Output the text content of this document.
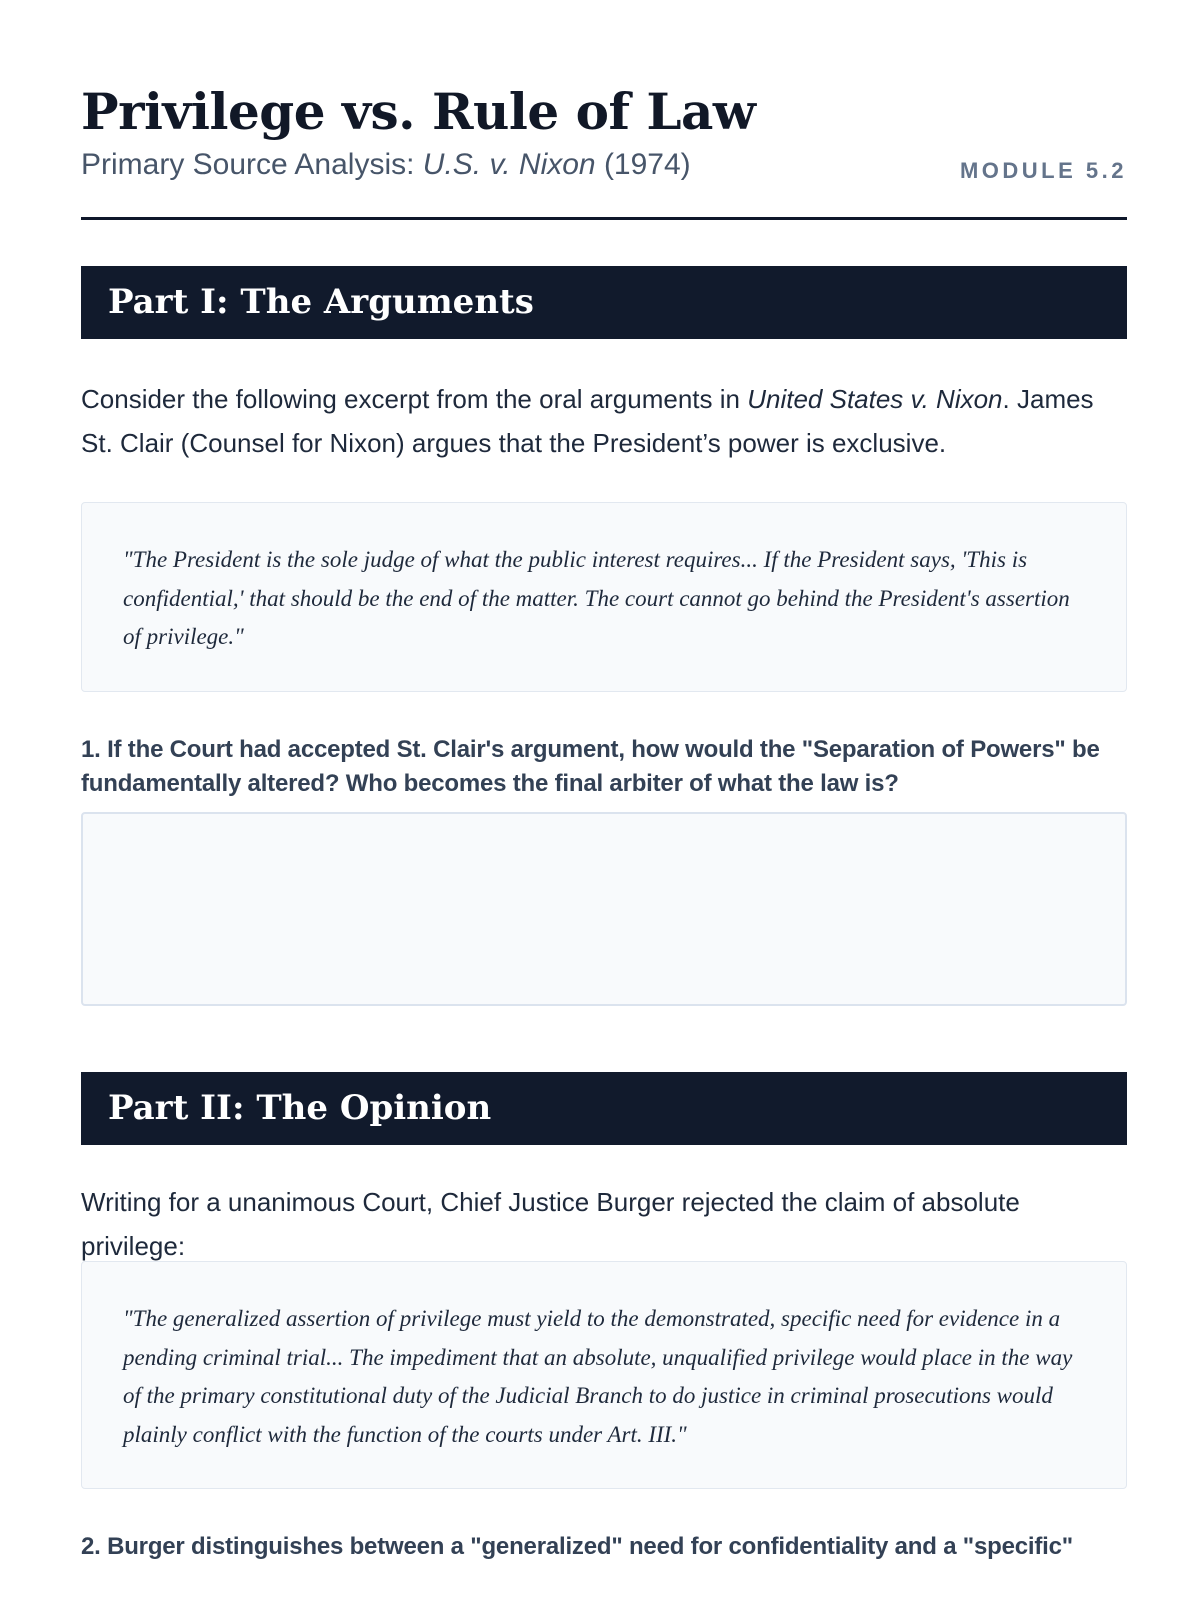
Privilege vs. Rule of Law
Primary Source Analysis: U.S. v. Nixon (1974)	MODULE 5.2
Part I: The Arguments

Consider the following excerpt from the oral arguments in United States v. Nixon. James St. Clair (Counsel for Nixon) argues that the President’s power is exclusive.

"The President is the sole judge of what the public interest requires... If the President says, 'This is confidential,' that should be the end of the matter. The court cannot go behind the President's assertion of privilege."

1. If the Court had accepted St. Clair's argument, how would the "Separation of Powers" be fundamentally altered? Who becomes the final arbiter of what the law is?

Part II: The Opinion

Writing for a unanimous Court, Chief Justice Burger rejected the claim of absolute privilege:

"The generalized assertion of privilege must yield to the demonstrated, specific need for evidence in a pending criminal trial... The impediment that an absolute, unqualified privilege would place in the way of the primary constitutional duty of the Judicial Branch to do justice in criminal prosecutions would plainly conflict with the function of the courts under Art. III."

2. Burger distinguishes between a "generalized" need for confidentiality and a "specific"
